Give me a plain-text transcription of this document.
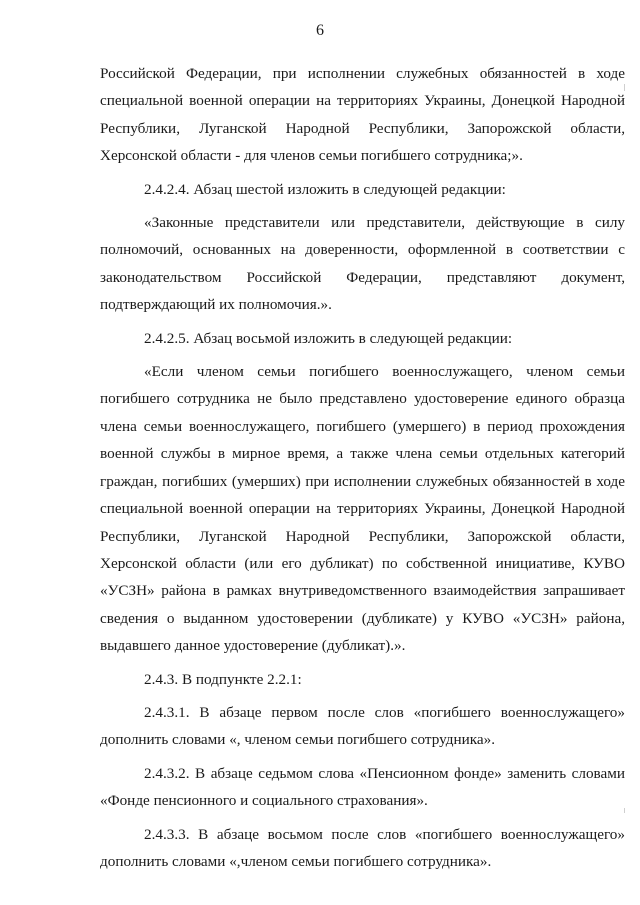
6

Российской Федерации, при исполнении служебных обязанностей в ходе специальной военной операции на территориях Украины, Донецкой Народной Республики, Луганской Народной Республики, Запорожской области, Херсонской области - для членов семьи погибшего сотрудника;».

2.4.2.4. Абзац шестой изложить в следующей редакции:

«Законные представители или представители, действующие в силу полномочий, основанных на доверенности, оформленной в соответствии с законодательством Российской Федерации, представляют документ, подтверждающий их полномочия.».

2.4.2.5. Абзац восьмой изложить в следующей редакции:

«Если членом семьи погибшего военнослужащего, членом семьи погибшего сотрудника не было представлено удостоверение единого образца члена семьи военнослужащего, погибшего (умершего) в период прохождения военной службы в мирное время, а также члена семьи отдельных категорий граждан, погибших (умерших) при исполнении служебных обязанностей в ходе специальной военной операции на территориях Украины, Донецкой Народной Республики, Луганской Народной Республики, Запорожской области, Херсонской области (или его дубликат) по собственной инициативе, КУВО «УСЗН» района в рамках внутриведомственного взаимодействия запрашивает сведения о выданном удостоверении (дубликате) у КУВО «УСЗН» района, выдавшего данное удостоверение (дубликат).».

2.4.3. В подпункте 2.2.1:

2.4.3.1. В абзаце первом после слов «погибшего военнослужащего» дополнить словами «, членом семьи погибшего сотрудника».

2.4.3.2. В абзаце седьмом слова «Пенсионном фонде» заменить словами «Фонде пенсионного и социального страхования».

2.4.3.3. В абзаце восьмом после слов «погибшего военнослужащего» дополнить словами «,членом семьи погибшего сотрудника».
